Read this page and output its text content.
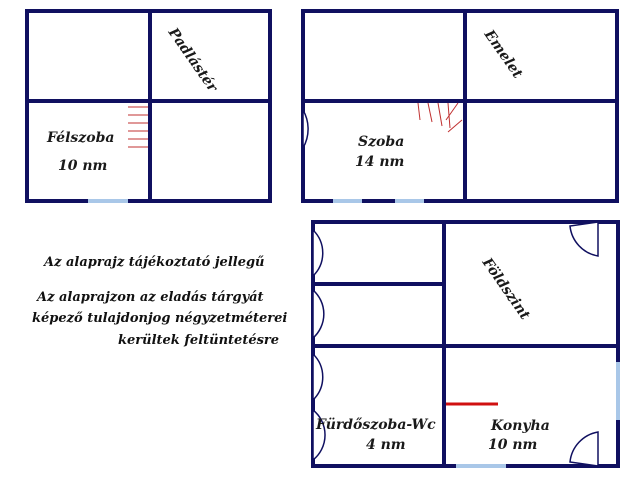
Padlástér
Félszoba
10 nm
Emelet
Szoba
14 nm
Földszint
Fürdőszoba-Wc
4 nm
Konyha
10 nm
Az alaprajz tájékoztató jellegű
Az alaprajzon az eladás tárgyát
képező tulajdonjog négyzetméterei
kerültek feltüntetésre
